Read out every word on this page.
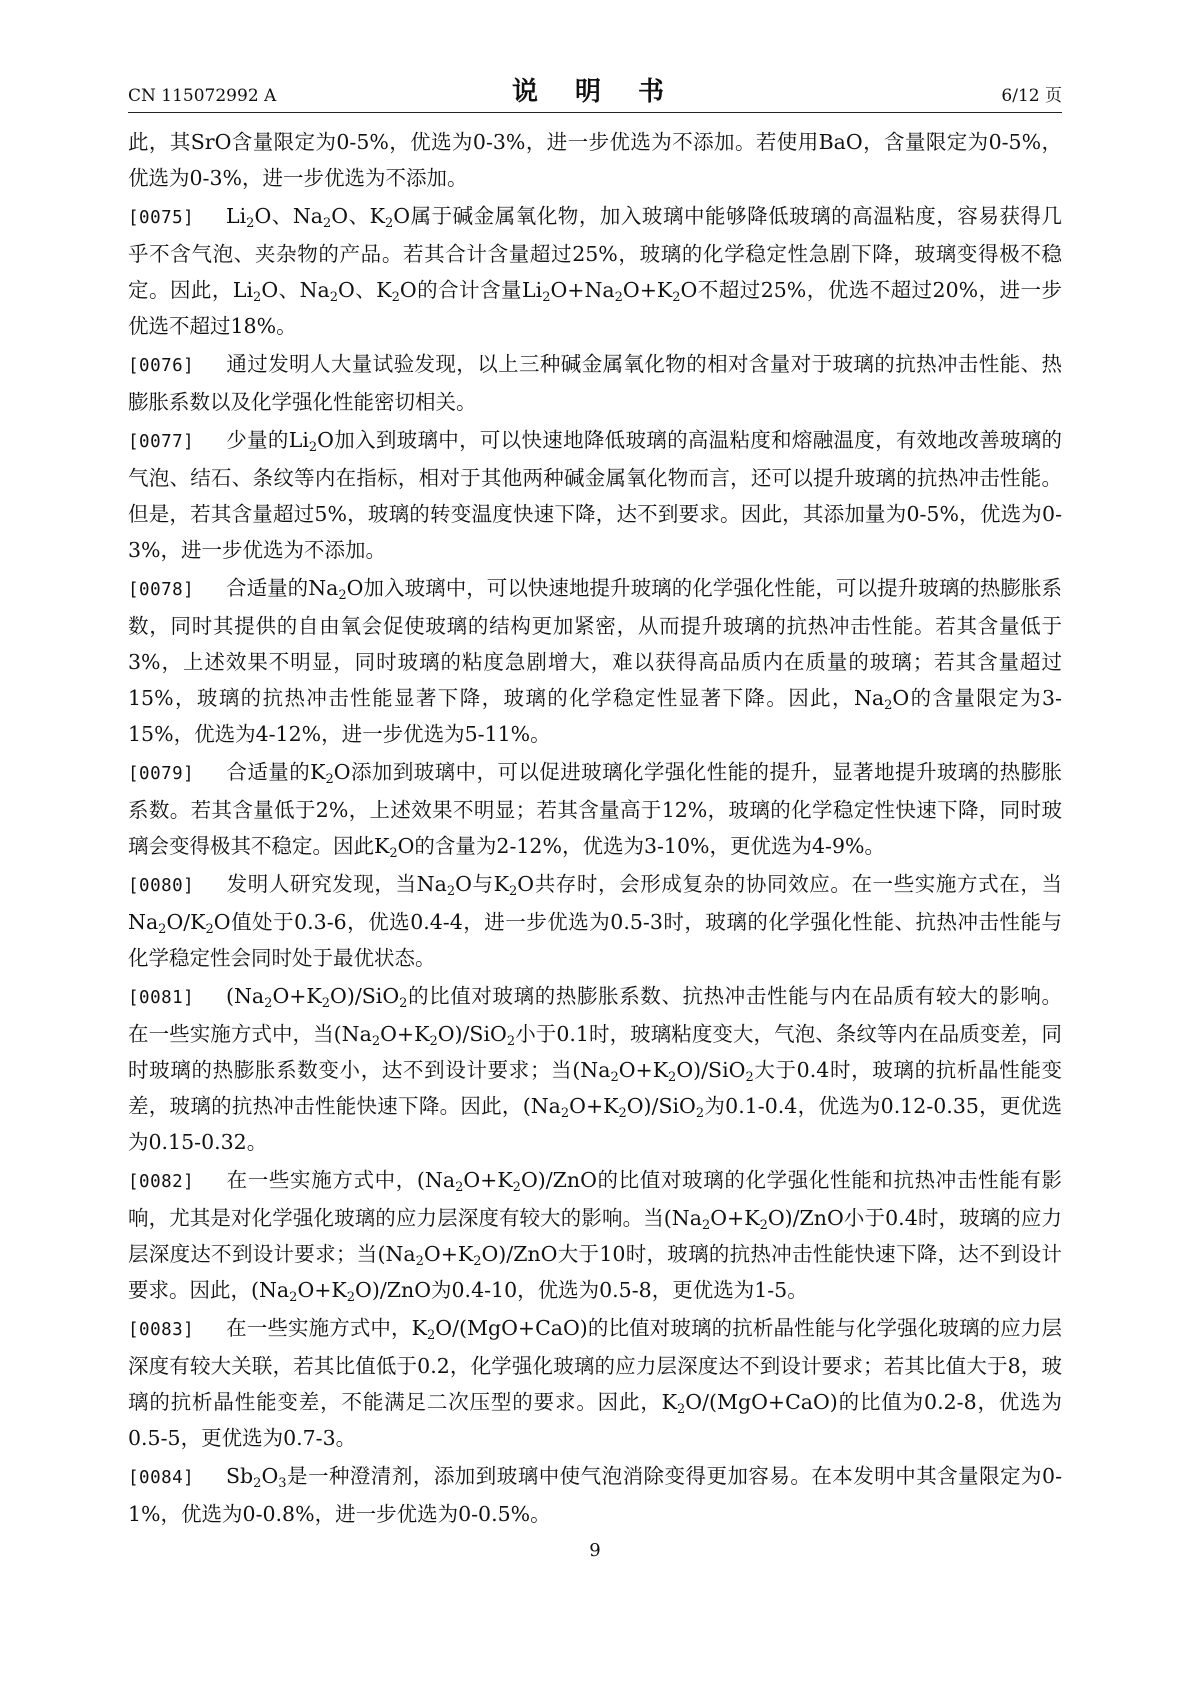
CN 115072992 A	说 明 书	6/12 页

此，其SrO含量限定为0-5%，优选为0-3%，进一步优选为不添加。若使用BaO，含量限定为0-5%，优选为0-3%，进一步优选为不添加。

[0075] $Li_2O$、$Na_2O$、$K_2O$属于碱金属氧化物，加入玻璃中能够降低玻璃的高温粘度，容易获得几乎不含气泡、夹杂物的产品。若其合计含量超过25%，玻璃的化学稳定性急剧下降，玻璃变得极不稳定。因此，$Li_2O$、$Na_2O$、$K_2O$的合计含量$Li_2O+Na_2O+K_2O$不超过25%，优选不超过20%，进一步优选不超过18%。

[0076] 通过发明人大量试验发现，以上三种碱金属氧化物的相对含量对于玻璃的抗热冲击性能、热膨胀系数以及化学强化性能密切相关。

[0077] 少量的$Li_2O$加入到玻璃中，可以快速地降低玻璃的高温粘度和熔融温度，有效地改善玻璃的气泡、结石、条纹等内在指标，相对于其他两种碱金属氧化物而言，还可以提升玻璃的抗热冲击性能。但是，若其含量超过5%，玻璃的转变温度快速下降，达不到要求。因此，其添加量为0-5%，优选为0-3%，进一步优选为不添加。

[0078] 合适量的$Na_2O$加入玻璃中，可以快速地提升玻璃的化学强化性能，可以提升玻璃的热膨胀系数，同时其提供的自由氧会促使玻璃的结构更加紧密，从而提升玻璃的抗热冲击性能。若其含量低于3%，上述效果不明显，同时玻璃的粘度急剧增大，难以获得高品质内在质量的玻璃；若其含量超过15%，玻璃的抗热冲击性能显著下降，玻璃的化学稳定性显著下降。因此，$Na_2O$的含量限定为3-15%，优选为4-12%，进一步优选为5-11%。

[0079] 合适量的$K_2O$添加到玻璃中，可以促进玻璃化学强化性能的提升，显著地提升玻璃的热膨胀系数。若其含量低于2%，上述效果不明显；若其含量高于12%，玻璃的化学稳定性快速下降，同时玻璃会变得极其不稳定。因此$K_2O$的含量为2-12%，优选为3-10%，更优选为4-9%。

[0080] 发明人研究发现，当$Na_2O$与$K_2O$共存时，会形成复杂的协同效应。在一些实施方式在，当$Na_2O/K_2O$值处于0.3-6，优选0.4-4，进一步优选为0.5-3时，玻璃的化学强化性能、抗热冲击性能与化学稳定性会同时处于最优状态。

[0081] $(Na_2O+K_2O)/SiO_2$的比值对玻璃的热膨胀系数、抗热冲击性能与内在品质有较大的影响。在一些实施方式中，当$(Na_2O+K_2O)/SiO_2$小于0.1时，玻璃粘度变大，气泡、条纹等内在品质变差，同时玻璃的热膨胀系数变小，达不到设计要求；当$(Na_2O+K_2O)/SiO_2$大于0.4时，玻璃的抗析晶性能变差，玻璃的抗热冲击性能快速下降。因此，$(Na_2O+K_2O)/SiO_2$为0.1-0.4，优选为0.12-0.35，更优选为0.15-0.32。

[0082] 在一些实施方式中，$(Na_2O+K_2O)$/ZnO的比值对玻璃的化学强化性能和抗热冲击性能有影响，尤其是对化学强化玻璃的应力层深度有较大的影响。当$(Na_2O+K_2O)$/ZnO小于0.4时，玻璃的应力层深度达不到设计要求；当$(Na_2O+K_2O)$/ZnO大于10时，玻璃的抗热冲击性能快速下降，达不到设计要求。因此，$(Na_2O+K_2O)$/ZnO为0.4-10，优选为0.5-8，更优选为1-5。

[0083] 在一些实施方式中，$K_2O/(MgO+CaO)$的比值对玻璃的抗析晶性能与化学强化玻璃的应力层深度有较大关联，若其比值低于0.2，化学强化玻璃的应力层深度达不到设计要求；若其比值大于8，玻璃的抗析晶性能变差，不能满足二次压型的要求。因此，$K_2O/(MgO+CaO)$的比值为0.2-8，优选为0.5-5，更优选为0.7-3。

[0084] $Sb_2O_3$是一种澄清剂，添加到玻璃中使气泡消除变得更加容易。在本发明中其含量限定为0-1%，优选为0-0.8%，进一步优选为0-0.5%。

9
